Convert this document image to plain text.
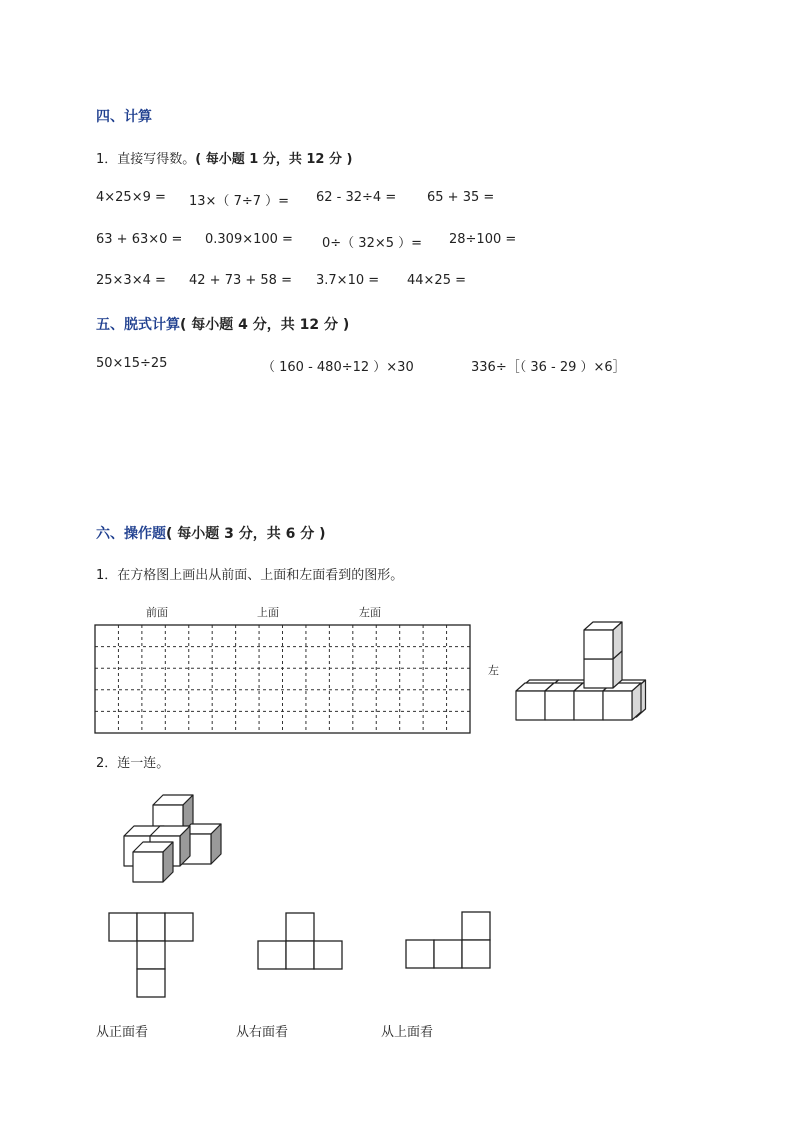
四、计算
1．直接写得数。( 每小题 1 分，共 12 分 )
4×25×9 = 13×（ 7÷7 ）= 62 - 32÷4 = 65 + 35 =
63 + 63×0 = 0.309×100 = 0÷（ 32×5 ）= 28÷100 =
25×3×4 = 42 + 73 + 58 = 3.7×10 = 44×25 =
五、脱式计算( 每小题 4 分，共 12 分 )
50×15÷25	（ 160 - 480÷12 ）×30	336÷［（ 36 - 29 ）×6］
六、操作题( 每小题 3 分，共 6 分 )
1．在方格图上画出从前面、上面和左面看到的图形。
前面	上面	左面
左
2．连一连。
从正面看	从右面看	从上面看
